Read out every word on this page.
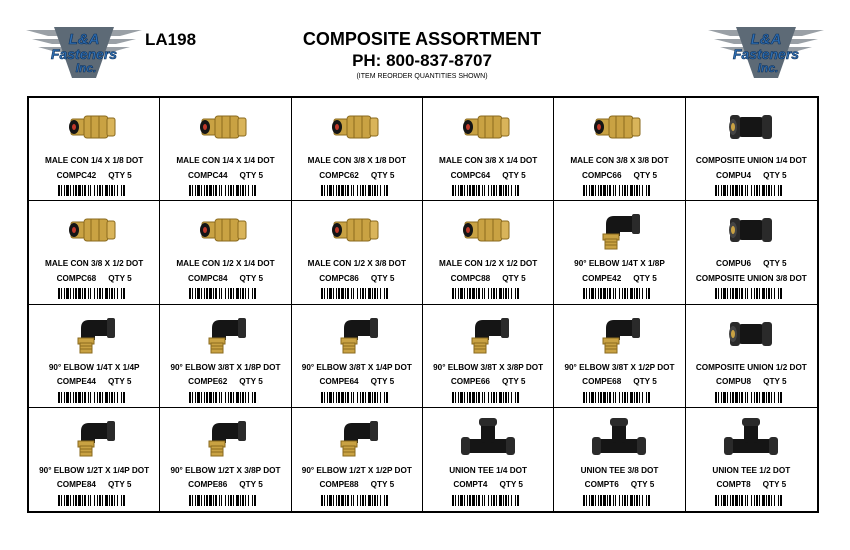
L&A
Fasteners
Inc.
L&A
Fasteners
Inc.
LA198	COMPOSITE ASSORTMENT
PH: 800-837-8707
(ITEM REORDER QUANTITIES SHOWN)
MALE CON 1/4 X 1/8 DOT
COMPC42 QTY 5
MALE CON 1/4 X 1/4 DOT
COMPC44 QTY 5
MALE CON 3/8 X 1/8 DOT
COMPC62 QTY 5
MALE CON 3/8 X 1/4 DOT
COMPC64 QTY 5
MALE CON 3/8 X 3/8 DOT
COMPC66 QTY 5
COMPOSITE UNION 1/4 DOT
COMPU4 QTY 5
MALE CON 3/8 X 1/2 DOT
COMPC68 QTY 5
MALE CON 1/2 X 1/4 DOT
COMPC84 QTY 5
MALE CON 1/2 X 3/8 DOT
COMPC86 QTY 5
MALE CON 1/2 X 1/2 DOT
COMPC88 QTY 5
90° ELBOW 1/4T X 1/8P
COMPE42 QTY 5
COMPU6 QTY 5
COMPOSITE UNION 3/8 DOT
90° ELBOW 1/4T X 1/4P
COMPE44 QTY 5
90° ELBOW 3/8T X 1/8P DOT
COMPE62 QTY 5
90° ELBOW 3/8T X 1/4P DOT
COMPE64 QTY 5
90° ELBOW 3/8T X 3/8P DOT
COMPE66 QTY 5
90° ELBOW 3/8T X 1/2P DOT
COMPE68 QTY 5
COMPOSITE UNION 1/2 DOT
COMPU8 QTY 5
90° ELBOW 1/2T X 1/4P DOT
COMPE84 QTY 5
90° ELBOW 1/2T X 3/8P DOT
COMPE86 QTY 5
90° ELBOW 1/2T X 1/2P DOT
COMPE88 QTY 5
UNION TEE 1/4 DOT
COMPT4 QTY 5
UNION TEE 3/8 DOT
COMPT6 QTY 5
UNION TEE 1/2 DOT
COMPT8 QTY 5
